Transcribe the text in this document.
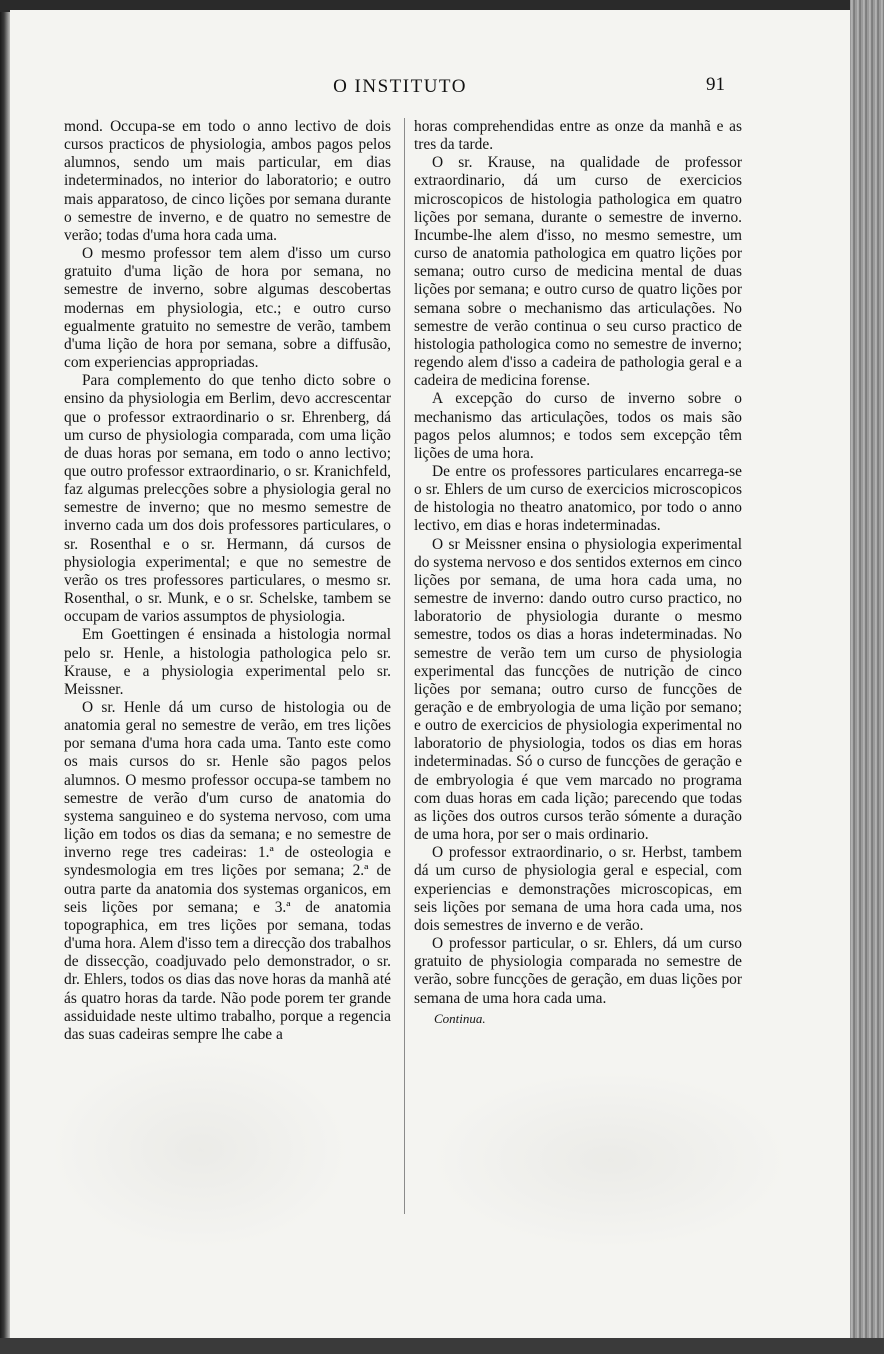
O INSTITUTO	91

mond. Occupa-se em todo o anno lectivo de dois cursos practicos de physiologia, ambos pagos pelos alumnos, sendo um mais particular, em dias indeterminados, no interior do laboratorio; e outro mais apparatoso, de cinco lições por semana durante o semestre de inverno, e de quatro no semestre de verão; todas d'uma hora cada uma.

O mesmo professor tem alem d'isso um curso gratuito d'uma lição de hora por semana, no semestre de inverno, sobre algumas descobertas modernas em physiologia, etc.; e outro curso egualmente gratuito no semestre de verão, tambem d'uma lição de hora por semana, sobre a diffusão, com experiencias appropriadas.

Para complemento do que tenho dicto sobre o ensino da physiologia em Berlim, devo accrescentar que o professor extraordinario o sr. Ehrenberg, dá um curso de physiologia comparada, com uma lição de duas horas por semana, em todo o anno lectivo; que outro professor extraordinario, o sr. Kranichfeld, faz algumas prelecções sobre a physiologia geral no semestre de inverno; que no mesmo semestre de inverno cada um dos dois professores particulares, o sr. Rosenthal e o sr. Hermann, dá cursos de physiologia experimental; e que no semestre de verão os tres professores particulares, o mesmo sr. Rosenthal, o sr. Munk, e o sr. Schelske, tambem se occupam de varios assumptos de physiologia.

Em Goettingen é ensinada a histologia normal pelo sr. Henle, a histologia pathologica pelo sr. Krause, e a physiologia experimental pelo sr. Meissner.

O sr. Henle dá um curso de histologia ou de anatomia geral no semestre de verão, em tres lições por semana d'uma hora cada uma. Tanto este como os mais cursos do sr. Henle são pagos pelos alumnos. O mesmo professor occupa-se tambem no semestre de verão d'um curso de anatomia do systema sanguineo e do systema nervoso, com uma lição em todos os dias da semana; e no semestre de inverno rege tres cadeiras: 1.ª de osteologia e syndesmologia em tres lições por semana; 2.ª de outra parte da anatomia dos systemas organicos, em seis lições por semana; e 3.ª de anatomia topographica, em tres lições por semana, todas d'uma hora. Alem d'isso tem a direcção dos trabalhos de dissecção, coadjuvado pelo demonstrador, o sr. dr. Ehlers, todos os dias das nove horas da manhã até ás quatro horas da tarde. Não pode porem ter grande assiduidade neste ultimo trabalho, porque a regencia das suas cadeiras sempre lhe cabe a

horas comprehendidas entre as onze da manhã e as tres da tarde.

O sr. Krause, na qualidade de professor extraordinario, dá um curso de exercicios microscopicos de histologia pathologica em quatro lições por semana, durante o semestre de inverno. Incumbe-lhe alem d'isso, no mesmo semestre, um curso de anatomia pathologica em quatro lições por semana; outro curso de medicina mental de duas lições por semana; e outro curso de quatro lições por semana sobre o mechanismo das articulações. No semestre de verão continua o seu curso practico de histologia pathologica como no semestre de inverno; regendo alem d'isso a cadeira de pathologia geral e a cadeira de medicina forense.

A excepção do curso de inverno sobre o mechanismo das articulações, todos os mais são pagos pelos alumnos; e todos sem excepção têm lições de uma hora.

De entre os professores particulares encarrega-se o sr. Ehlers de um curso de exercicios microscopicos de histologia no theatro anatomico, por todo o anno lectivo, em dias e horas indeterminadas.

O sr Meissner ensina o physiologia experimental do systema nervoso e dos sentidos externos em cinco lições por semana, de uma hora cada uma, no semestre de inverno: dando outro curso practico, no laboratorio de physiologia durante o mesmo semestre, todos os dias a horas indeterminadas. No semestre de verão tem um curso de physiologia experimental das funcções de nutrição de cinco lições por semana; outro curso de funcções de geração e de embryologia de uma lição por semano; e outro de exercicios de physiologia experimental no laboratorio de physiologia, todos os dias em horas indeterminadas. Só o curso de funcções de geração e de embryologia é que vem marcado no programa com duas horas em cada lição; parecendo que todas as lições dos outros cursos terão sómente a duração de uma hora, por ser o mais ordinario.

O professor extraordinario, o sr. Herbst, tambem dá um curso de physiologia geral e especial, com experiencias e demonstrações microscopicas, em seis lições por semana de uma hora cada uma, nos dois semestres de inverno e de verão.

O professor particular, o sr. Ehlers, dá um curso gratuito de physiologia comparada no semestre de verão, sobre funcções de geração, em duas lições por semana de uma hora cada uma.

Continua.
